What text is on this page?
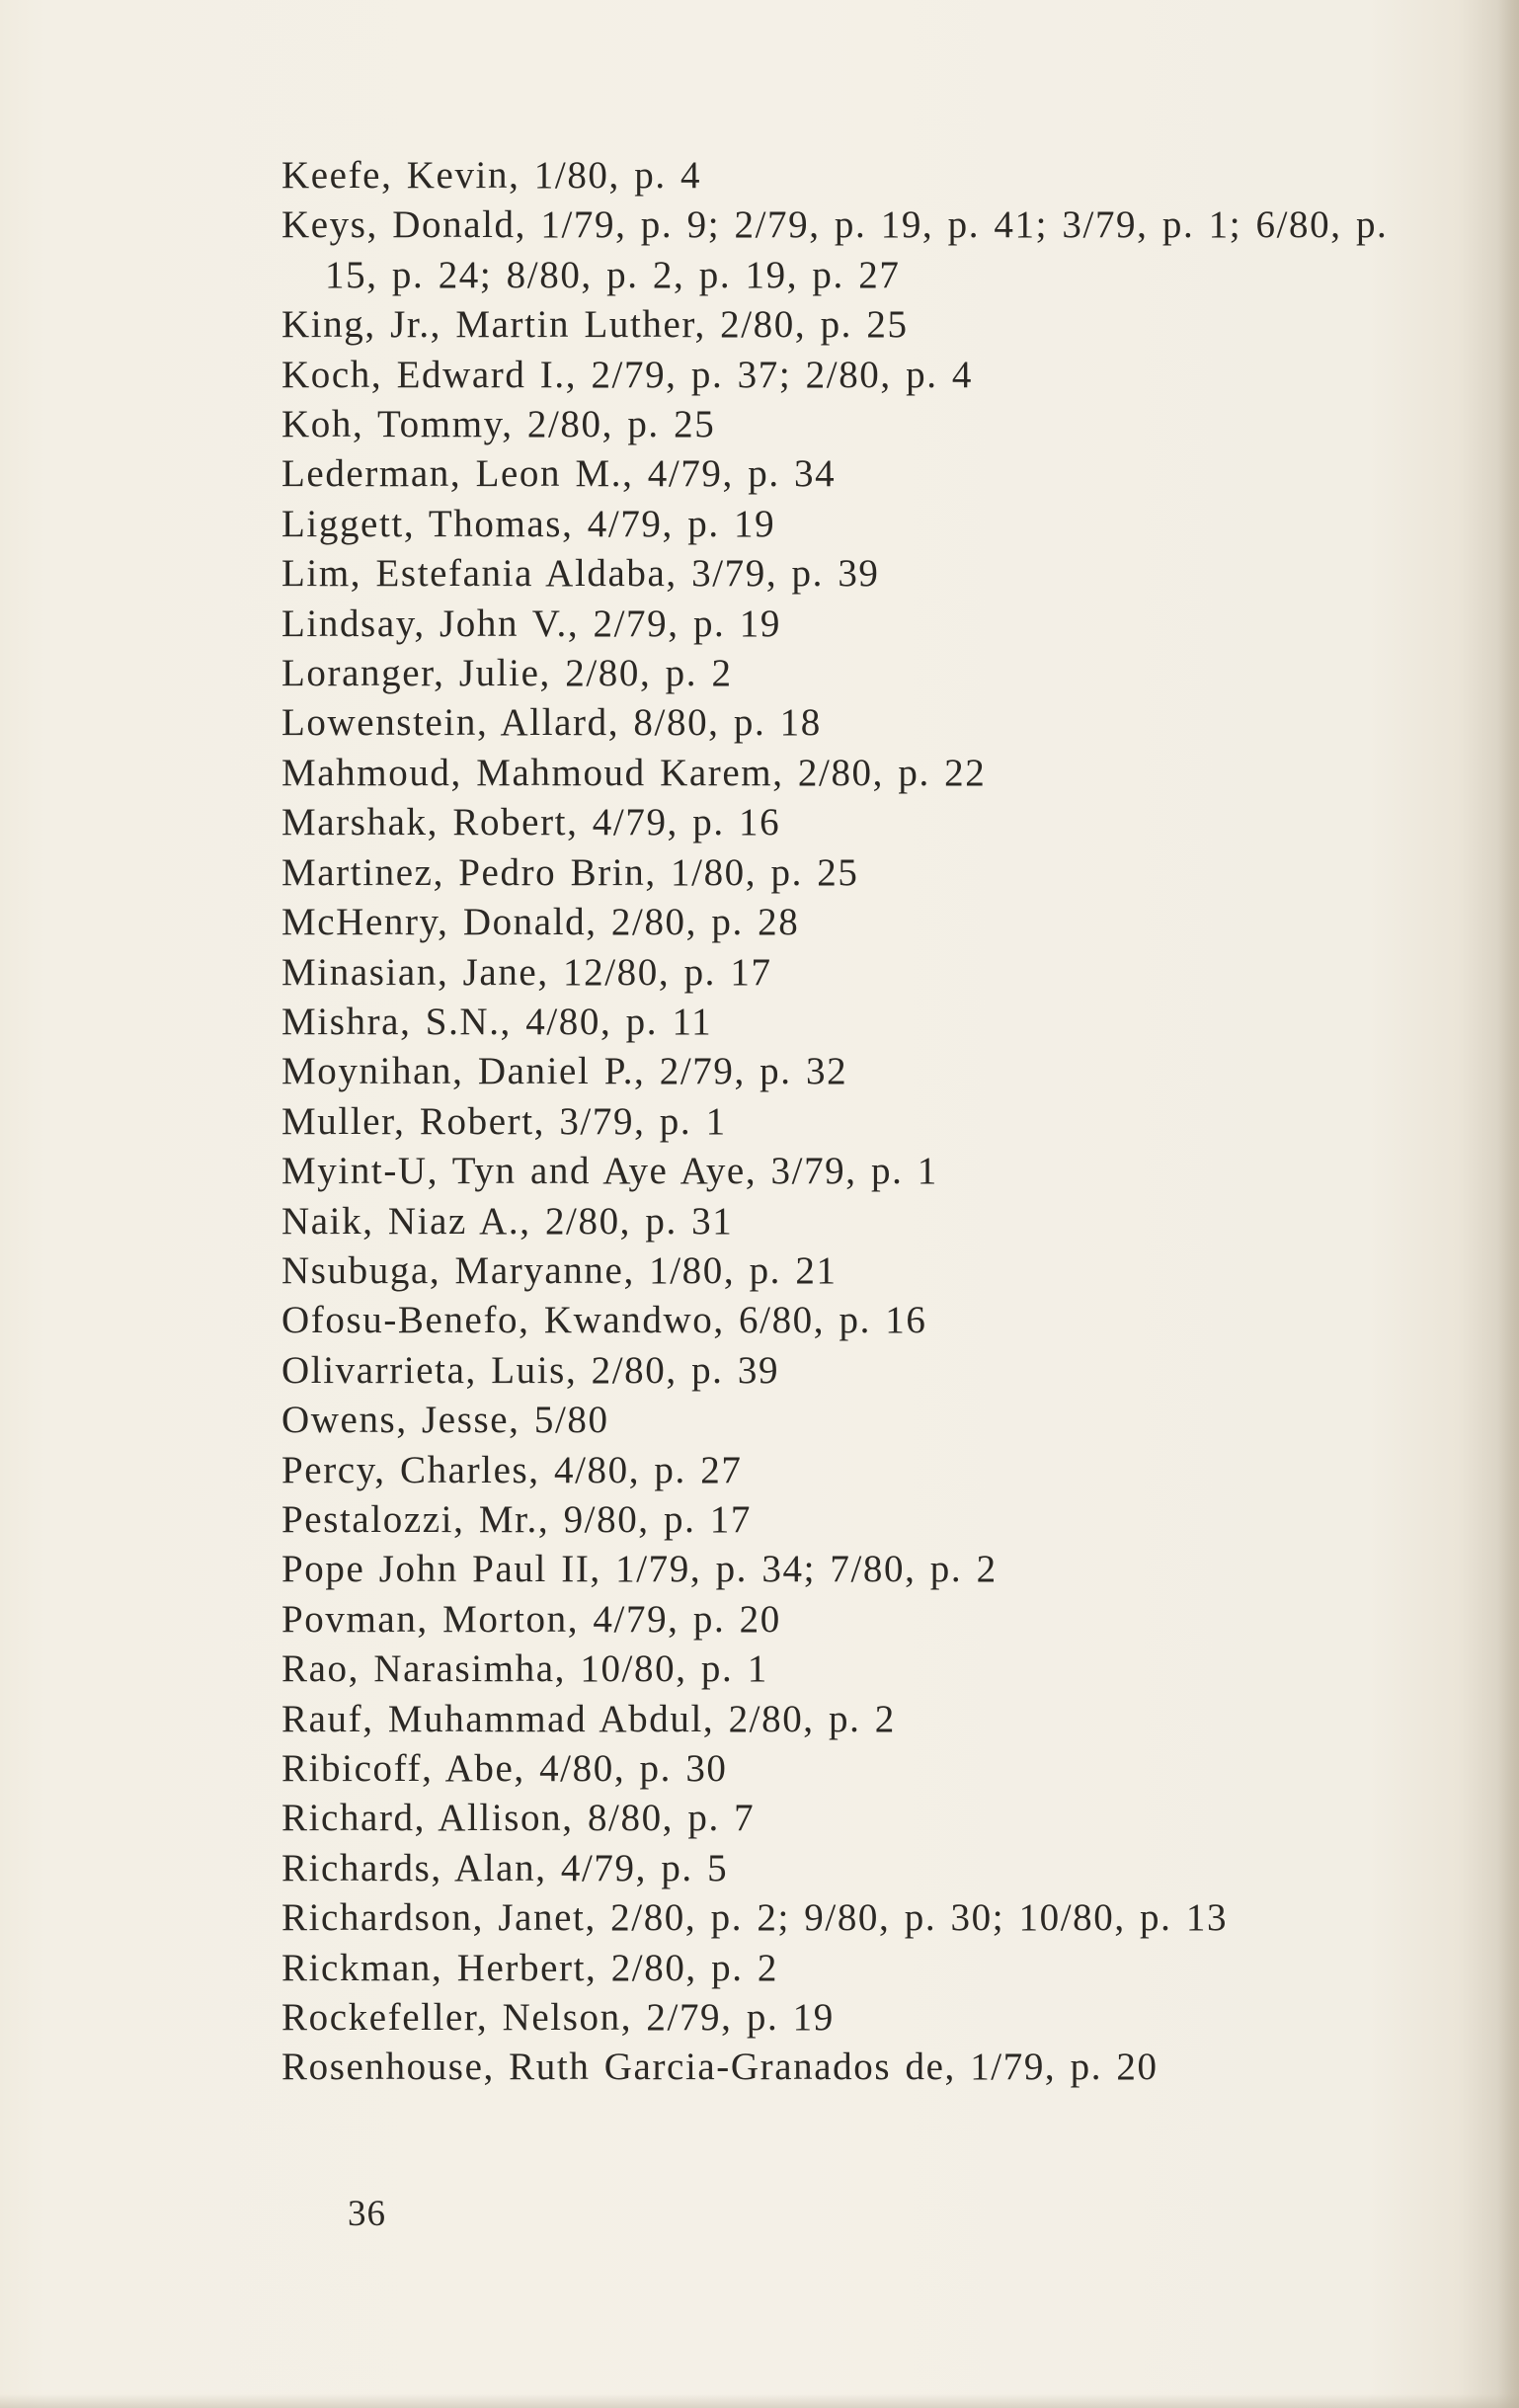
Keefe, Kevin, 1/80, p. 4
Keys, Donald, 1/79, p. 9; 2/79, p. 19, p. 41; 3/79, p. 1; 6/80, p. 15, p. 24; 8/80, p. 2, p. 19, p. 27
King, Jr., Martin Luther, 2/80, p. 25
Koch, Edward I., 2/79, p. 37; 2/80, p. 4
Koh, Tommy, 2/80, p. 25
Lederman, Leon M., 4/79, p. 34
Liggett, Thomas, 4/79, p. 19
Lim, Estefania Aldaba, 3/79, p. 39
Lindsay, John V., 2/79, p. 19
Loranger, Julie, 2/80, p. 2
Lowenstein, Allard, 8/80, p. 18
Mahmoud, Mahmoud Karem, 2/80, p. 22
Marshak, Robert, 4/79, p. 16
Martinez, Pedro Brin, 1/80, p. 25
McHenry, Donald, 2/80, p. 28
Minasian, Jane, 12/80, p. 17
Mishra, S.N., 4/80, p. 11
Moynihan, Daniel P., 2/79, p. 32
Muller, Robert, 3/79, p. 1
Myint-U, Tyn and Aye Aye, 3/79, p. 1
Naik, Niaz A., 2/80, p. 31
Nsubuga, Maryanne, 1/80, p. 21
Ofosu-Benefo, Kwandwo, 6/80, p. 16
Olivarrieta, Luis, 2/80, p. 39
Owens, Jesse, 5/80
Percy, Charles, 4/80, p. 27
Pestalozzi, Mr., 9/80, p. 17
Pope John Paul II, 1/79, p. 34; 7/80, p. 2
Povman, Morton, 4/79, p. 20
Rao, Narasimha, 10/80, p. 1
Rauf, Muhammad Abdul, 2/80, p. 2
Ribicoff, Abe, 4/80, p. 30
Richard, Allison, 8/80, p. 7
Richards, Alan, 4/79, p. 5
Richardson, Janet, 2/80, p. 2; 9/80, p. 30; 10/80, p. 13
Rickman, Herbert, 2/80, p. 2
Rockefeller, Nelson, 2/79, p. 19
Rosenhouse, Ruth Garcia-Granados de, 1/79, p. 20
36
